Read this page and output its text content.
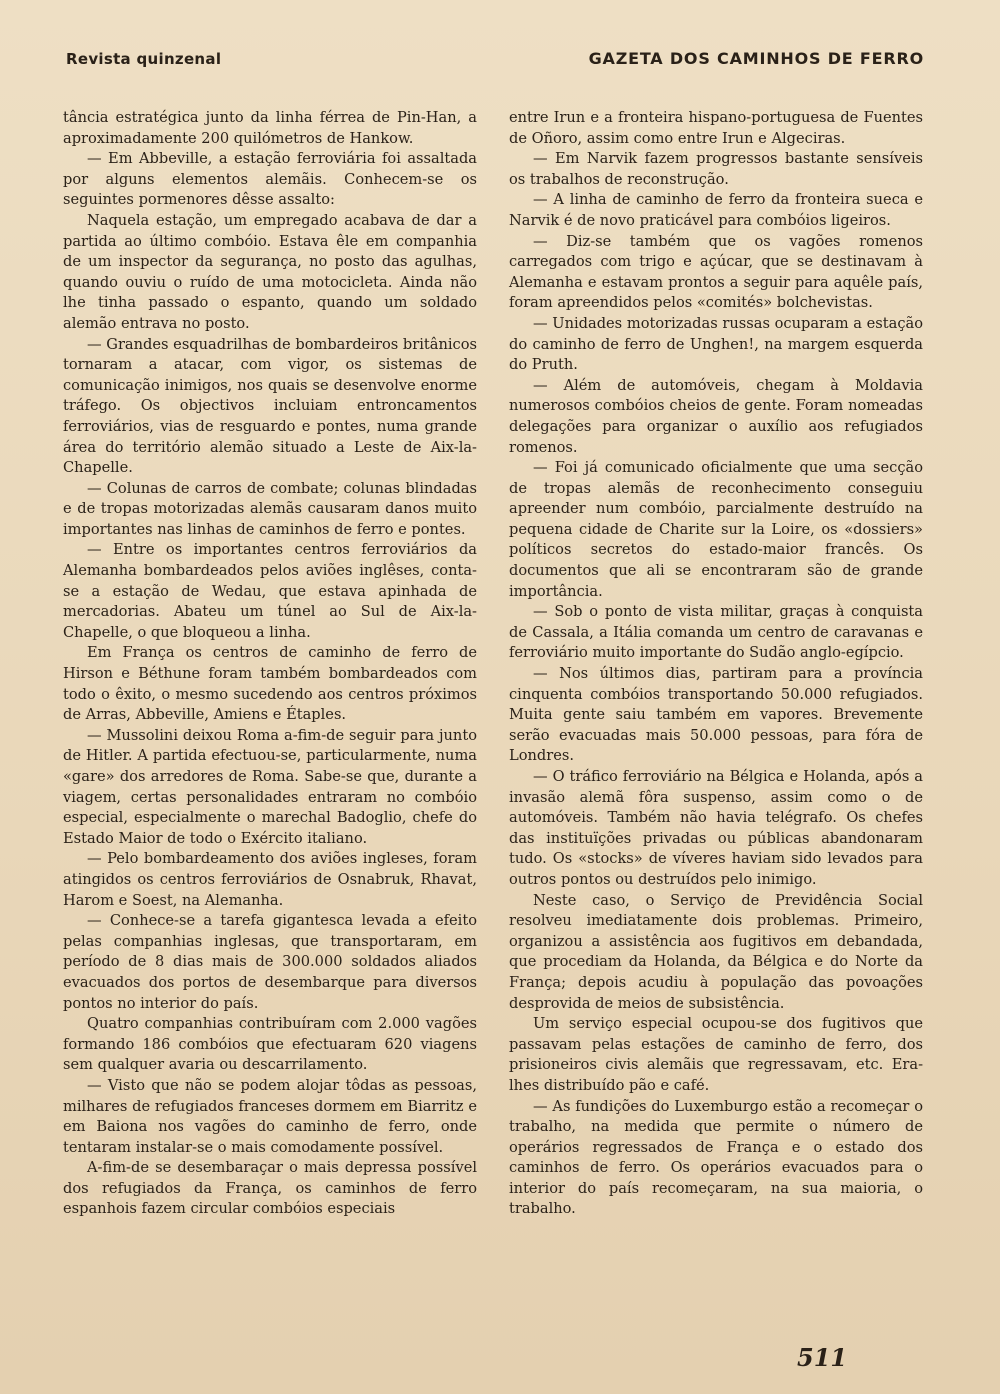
Revista quinzenal	GAZETA DOS CAMINHOS DE FERRO

tância estratégica junto da linha férrea de Pin-Han, a aproximadamente 200 quilómetros de Hankow.

— Em Abbeville, a estação ferroviária foi assaltada por alguns elementos alemãis. Conhecem-se os seguintes pormenores dêsse assalto:

Naquela estação, um empregado acabava de dar a partida ao último combóio. Estava êle em companhia de um inspector da segurança, no posto das agulhas, quando ouviu o ruído de uma motocicleta. Ainda não lhe tinha passado o espanto, quando um soldado alemão entrava no posto.

— Grandes esquadrilhas de bombardeiros britânicos tornaram a atacar, com vigor, os sistemas de comunicação inimigos, nos quais se desenvolve enorme tráfego. Os objectivos incluiam entroncamentos ferroviários, vias de resguardo e pontes, numa grande área do território alemão situado a Leste de Aix-la-Chapelle.

— Colunas de carros de combate; colunas blindadas e de tropas motorizadas alemãs causaram danos muito importantes nas linhas de caminhos de ferro e pontes.

— Entre os importantes centros ferroviários da Alemanha bombardeados pelos aviões inglêses, conta-se a estação de Wedau, que estava apinhada de mercadorias. Abateu um túnel ao Sul de Aix-la-Chapelle, o que bloqueou a linha.

Em França os centros de caminho de ferro de Hirson e Béthune foram também bombardeados com todo o êxito, o mesmo sucedendo aos centros próximos de Arras, Abbeville, Amiens e Étaples.

— Mussolini deixou Roma a-fim-de seguir para junto de Hitler. A partida efectuou-se, particularmente, numa «gare» dos arredores de Roma. Sabe-se que, durante a viagem, certas personalidades entraram no combóio especial, especialmente o marechal Badoglio, chefe do Estado Maior de todo o Exército italiano.

— Pelo bombardeamento dos aviões ingleses, foram atingidos os centros ferroviários de Osnabruk, Rhavat, Harom e Soest, na Alemanha.

— Conhece-se a tarefa gigantesca levada a efeito pelas companhias inglesas, que transportaram, em período de 8 dias mais de 300.000 soldados aliados evacuados dos portos de desembarque para diversos pontos no interior do país.

Quatro companhias contribuíram com 2.000 vagões formando 186 combóios que efectuaram 620 viagens sem qualquer avaria ou descarrilamento.

— Visto que não se podem alojar tôdas as pessoas, milhares de refugiados franceses dormem em Biarritz e em Baiona nos vagões do caminho de ferro, onde tentaram instalar-se o mais comodamente possível.

A-fim-de se desembaraçar o mais depressa possível dos refugiados da França, os caminhos de ferro espanhois fazem circular combóios especiais

entre Irun e a fronteira hispano-portuguesa de Fuentes de Oñoro, assim como entre Irun e Algeciras.

— Em Narvik fazem progressos bastante sensíveis os trabalhos de reconstrução.

— A linha de caminho de ferro da fronteira sueca e Narvik é de novo praticável para combóios ligeiros.

— Diz-se também que os vagões romenos carregados com trigo e açúcar, que se destinavam à Alemanha e estavam prontos a seguir para aquêle país, foram apreendidos pelos «comités» bolchevistas.

— Unidades motorizadas russas ocuparam a estação do caminho de ferro de Unghen!, na margem esquerda do Pruth.

— Além de automóveis, chegam à Moldavia numerosos combóios cheios de gente. Foram nomeadas delegações para organizar o auxílio aos refugiados romenos.

— Foi já comunicado oficialmente que uma secção de tropas alemãs de reconhecimento conseguiu apreender num combóio, parcialmente destruído na pequena cidade de Charite sur la Loire, os «dossiers» políticos secretos do estado-maior francês. Os documentos que ali se encontraram são de grande importância.

— Sob o ponto de vista militar, graças à conquista de Cassala, a Itália comanda um centro de caravanas e ferroviário muito importante do Sudão anglo-egípcio.

— Nos últimos dias, partiram para a província cinquenta combóios transportando 50.000 refugiados. Muita gente saiu também em vapores. Brevemente serão evacuadas mais 50.000 pessoas, para fóra de Londres.

— O tráfico ferroviário na Bélgica e Holanda, após a invasão alemã fôra suspenso, assim como o de automóveis. Também não havia telégrafo. Os chefes das instituïções privadas ou públicas abandonaram tudo. Os «stocks» de víveres haviam sido levados para outros pontos ou destruídos pelo inimigo.

Neste caso, o Serviço de Previdência Social resolveu imediatamente dois problemas. Primeiro, organizou a assistência aos fugitivos em debandada, que procediam da Holanda, da Bélgica e do Norte da França; depois acudiu à população das povoações desprovida de meios de subsistência.

Um serviço especial ocupou-se dos fugitivos que passavam pelas estações de caminho de ferro, dos prisioneiros civis alemãis que regressavam, etc. Era-lhes distribuído pão e café.

— As fundições do Luxemburgo estão a recomeçar o trabalho, na medida que permite o número de operários regressados de França e o estado dos caminhos de ferro. Os operários evacuados para o interior do país recomeçaram, na sua maioria, o trabalho.

511
